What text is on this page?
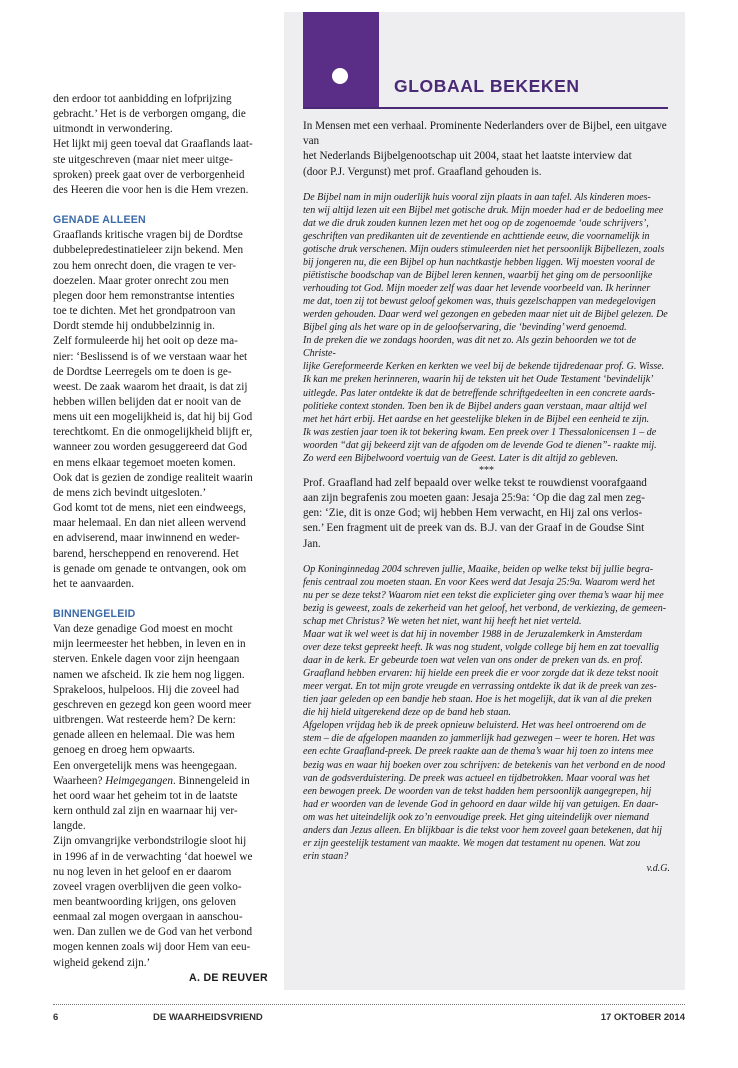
den erdoor tot aanbidding en lofprijzing

gebracht.’ Het is de verborgen omgang, die

uitmondt in verwondering.

Het lijkt mij geen toeval dat Graaflands laat-

ste uitgeschreven (maar niet meer uitge-

sproken) preek gaat over de verborgenheid

des Heeren die voor hen is die Hem vrezen.

GENADE ALLEEN

Graaflands kritische vragen bij de Dordtse

dubbelepredestinatieleer zijn bekend. Men

zou hem onrecht doen, die vragen te ver-

doezelen. Maar groter onrecht zou men

plegen door hem remonstrantse intenties

toe te dichten. Met het grondpatroon van

Dordt stemde hij ondubbelzinnig in.

Zelf formuleerde hij het ooit op deze ma-

nier: ‘Beslissend is of we verstaan waar het

de Dordtse Leerregels om te doen is ge-

weest. De zaak waarom het draait, is dat zij

hebben willen belijden dat er nooit van de

mens uit een mogelijkheid is, dat hij bij God

terechtkomt. En die onmogelijkheid blijft er,

wanneer zou worden gesuggereerd dat God

en mens elkaar tegemoet moeten komen.

Ook dat is gezien de zondige realiteit waarin

de mens zich bevindt uitgesloten.’

God komt tot de mens, niet een eindweegs,

maar helemaal. En dan niet alleen wervend

en adviserend, maar inwinnend en weder-

barend, herscheppend en renoverend. Het

is genade om genade te ontvangen, ook om

het te aanvaarden.

BINNENGELEID

Van deze genadige God moest en mocht

mijn leermeester het hebben, in leven en in

sterven. Enkele dagen voor zijn heengaan

namen we afscheid. Ik zie hem nog liggen.

Sprakeloos, hulpeloos. Hij die zoveel had

geschreven en gezegd kon geen woord meer

uitbrengen. Wat resteerde hem? De kern:

genade alleen en helemaal. Die was hem

genoeg en droeg hem opwaarts.

Een onvergetelijk mens was heengegaan.

Waarheen? Heimgegangen. Binnengeleid in

het oord waar het geheim tot in de laatste

kern onthuld zal zijn en waarnaar hij ver-

langde.

Zijn omvangrijke verbondstrilogie sloot hij

in 1996 af in de verwachting ‘dat hoewel we

nu nog leven in het geloof en er daarom

zoveel vragen overblijven die geen volko-

men beantwoording krijgen, ons geloven

eenmaal zal mogen overgaan in aanschou-

wen. Dan zullen we de God van het verbond

mogen kennen zoals wij door Hem van eeu-

wigheid gekend zijn.’

A. DE REUVER

GLOBAAL BEKEKEN

In Mensen met een verhaal. Prominente Nederlanders over de Bijbel, een uitgave van

het Nederlands Bijbelgenootschap uit 2004, staat het laatste interview dat

(door P.J. Vergunst) met prof. Graafland gehouden is.

De Bijbel nam in mijn ouderlijk huis vooral zijn plaats in aan tafel. Als kinderen moes-

ten wij altijd lezen uit een Bijbel met gotische druk. Mijn moeder had er de bedoeling mee

dat we die druk zouden kunnen lezen met het oog op de zogenoemde ‘oude schrijvers’,

geschriften van predikanten uit de zeventiende en achttiende eeuw, die voornamelijk in

gotische druk verschenen. Mijn ouders stimuleerden niet het persoonlijk Bijbellezen, zoals

bij jongeren nu, die een Bijbel op hun nachtkastje hebben liggen. Wij moesten vooral de

piëtistische boodschap van de Bijbel leren kennen, waarbij het ging om de persoonlijke

verhouding tot God. Mijn moeder zelf was daar het levende voorbeeld van. Ik herinner

me dat, toen zij tot bewust geloof gekomen was, thuis gezelschappen van medegelovigen

werden gehouden. Daar werd wel gezongen en gebeden maar niet uit de Bijbel gelezen. De

Bijbel ging als het ware op in de geloofservaring, die ‘bevinding’ werd genoemd.

In de preken die we zondags hoorden, was dit net zo. Als gezin behoorden we tot de Christe-

lijke Gereformeerde Kerken en kerkten we veel bij de bekende tijdredenaar prof. G. Wisse.

Ik kan me preken herinneren, waarin hij de teksten uit het Oude Testament ‘bevindelijk’

uitlegde. Pas later ontdekte ik dat de betreffende schriftgedeelten in een concrete aards-

politieke context stonden. Toen ben ik de Bijbel anders gaan verstaan, maar altijd wel

met het hárt erbij. Het aardse en het geestelijke bleken in de Bijbel een eenheid te zijn.

Ik was zestien jaar toen ik tot bekering kwam. Een preek over 1 Thessalonicensen 1 – de

woorden “dat gij bekeerd zijt van de afgoden om de levende God te dienen”- raakte mij.

Zo werd een Bijbelwoord voertuig van de Geest. Later is dit altijd zo gebleven.

***

Prof. Graafland had zelf bepaald over welke tekst te rouwdienst voorafgaand

aan zijn begrafenis zou moeten gaan: Jesaja 25:9a: ‘Op die dag zal men zeg-

gen: ‘Zie, dit is onze God; wij hebben Hem verwacht, en Hij zal ons verlos-

sen.’ Een fragment uit de preek van ds. B.J. van der Graaf in de Goudse Sint

Jan.

Op Koninginnedag 2004 schreven jullie, Maaike, beiden op welke tekst bij jullie begra-

fenis centraal zou moeten staan. En voor Kees werd dat Jesaja 25:9a. Waarom werd het

nu per se deze tekst? Waarom niet een tekst die explicieter ging over thema’s waar hij mee

bezig is geweest, zoals de zekerheid van het geloof, het verbond, de verkiezing, de gemeen-

schap met Christus? We weten het niet, want hij heeft het niet verteld.

Maar wat ik wel weet is dat hij in november 1988 in de Jeruzalemkerk in Amsterdam

over deze tekst gepreekt heeft. Ik was nog student, volgde college bij hem en zat toevallig

daar in de kerk. Er gebeurde toen wat velen van ons onder de preken van ds. en prof.

Graafland hebben ervaren: hij hielde een preek die er voor zorgde dat ik deze tekst nooit

meer vergat. En tot mijn grote vreugde en verrassing ontdekte ik dat ik de preek van zes-

tien jaar geleden op een bandje heb staan. Hoe is het mogelijk, dat ik van al die preken

die hij hield uitgerekend deze op de band heb staan.

Afgelopen vrijdag heb ik de preek opnieuw beluisterd. Het was heel ontroerend om de

stem – die de afgelopen maanden zo jammerlijk had gezwegen – weer te horen. Het was

een echte Graafland-preek. De preek raakte aan de thema’s waar hij toen zo intens mee

bezig was en waar hij boeken over zou schrijven: de betekenis van het verbond en de nood

van de godsverduistering. De preek was actueel en tijdbetrokken. Maar vooral was het

een bewogen preek. De woorden van de tekst hadden hem persoonlijk aangegrepen, hij

had er woorden van de levende God in gehoord en daar wilde hij van getuigen. En daar-

om was het uiteindelijk ook zo’n eenvoudige preek. Het ging uiteindelijk over niemand

anders dan Jezus alleen. En blijkbaar is die tekst voor hem zoveel gaan betekenen, dat hij

er zijn geestelijk testament van maakte. We mogen dat testament nu openen. Wat zou

erin staan?

v.d.G.

6	DE WAARHEIDSVRIEND	17 OKTOBER 2014
